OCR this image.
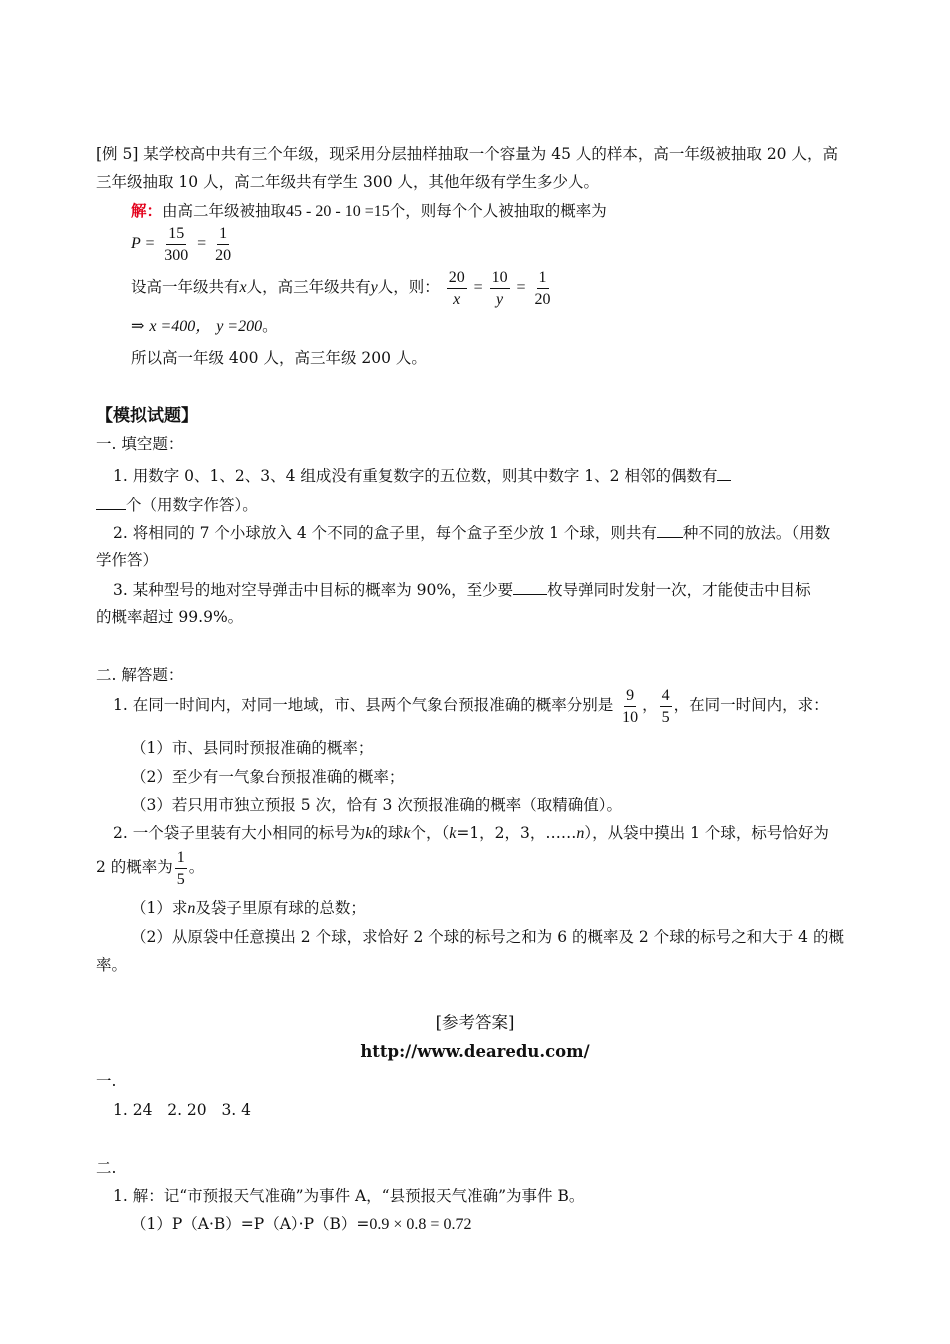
[例 5] 某学校高中共有三个年级，现采用分层抽样抽取一个容量为 45 人的样本，高一年级被抽取 20 人，高
三年级抽取 10 人，高二年级共有学生 300 人，其他年级有学生多少人。
解：由高二年级被抽取45 - 20 - 10 =15个，则每个个人被抽取的概率为
$P = \frac{15}{300} = \frac{1}{20}$
设高一年级共有x人，高三年级共有y人，则： $\frac{20}{x} = \frac{10}{y} = \frac{1}{20}$
⇒ x =400， y =200。
所以高一年级 400 人，高三年级 200 人。
【模拟试题】
一. 填空题：
1. 用数字 0、1、2、3、4 组成没有重复数字的五位数，则其中数字 1、2 相邻的偶数有
个（用数字作答）。
2. 将相同的 7 个小球放入 4 个不同的盒子里，每个盒子至少放 1 个球，则共有 种不同的放法。（用数
学作答）
3. 某种型号的地对空导弹击中目标的概率为 90%，至少要 枚导弹同时发射一次，才能使击中目标
的概率超过 99.9%。
二. 解答题：
1. 在同一时间内，对同一地域，市、县两个气象台预报准确的概率分别是 $\frac{9}{10}$ ， $\frac{4}{5}$ ，在同一时间内，求：
（1）市、县同时预报准确的概率；
（2）至少有一气象台预报准确的概率；
（3）若只用市独立预报 5 次，恰有 3 次预报准确的概率（取精确值）。
2. 一个袋子里装有大小相同的标号为k的球k个，（k=1，2，3，……n），从袋中摸出 1 个球，标号恰好为
2 的概率为 $\frac{1}{5}$ 。
（1）求n及袋子里原有球的总数；
（2）从原袋中任意摸出 2 个球，求恰好 2 个球的标号之和为 6 的概率及 2 个球的标号之和大于 4 的概
率。
[参考答案]
http://www.dearedu.com/
一.
1. 24   2. 20   3. 4
二.
1. 解：记“市预报天气准确”为事件 A，“县预报天气准确”为事件 B。
（1）P（A·B）=P（A）·P（B）=0.9 × 0.8 = 0.72
